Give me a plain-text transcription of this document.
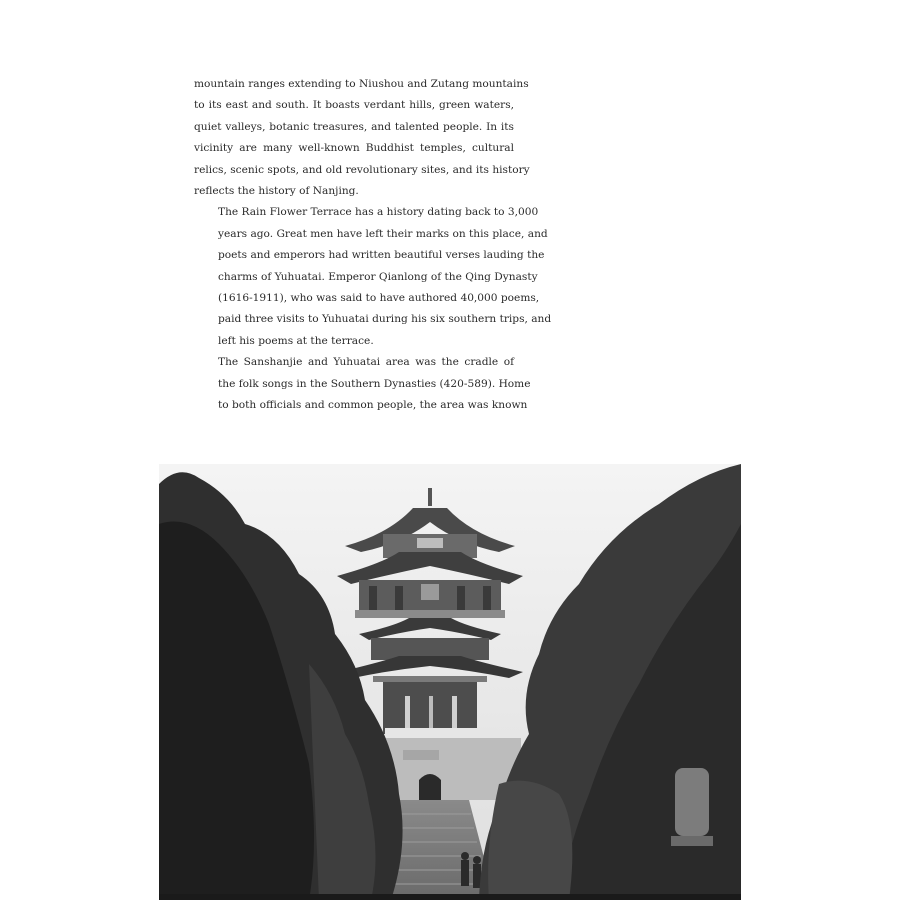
mountain ranges extending to Niushou and Zutang mountains
to its east and south. It boasts verdant hills, green waters,
quiet valleys, botanic treasures, and talented people. In its
vicinity are many well-known Buddhist temples, cultural
relics, scenic spots, and old revolutionary sites, and its history
reflects the history of Nanjing.

The Rain Flower Terrace has a history dating back to 3,000
years ago. Great men have left their marks on this place, and
poets and emperors had written beautiful verses lauding the
charms of Yuhuatai. Emperor Qianlong of the Qing Dynasty
(1616-1911), who was said to have authored 40,000 poems,
paid three visits to Yuhuatai during his six southern trips, and
left his poems at the terrace.

The Sanshanjie and Yuhuatai area was the cradle of
the folk songs in the Southern Dynasties (420-589). Home
to both officials and common people, the area was known
